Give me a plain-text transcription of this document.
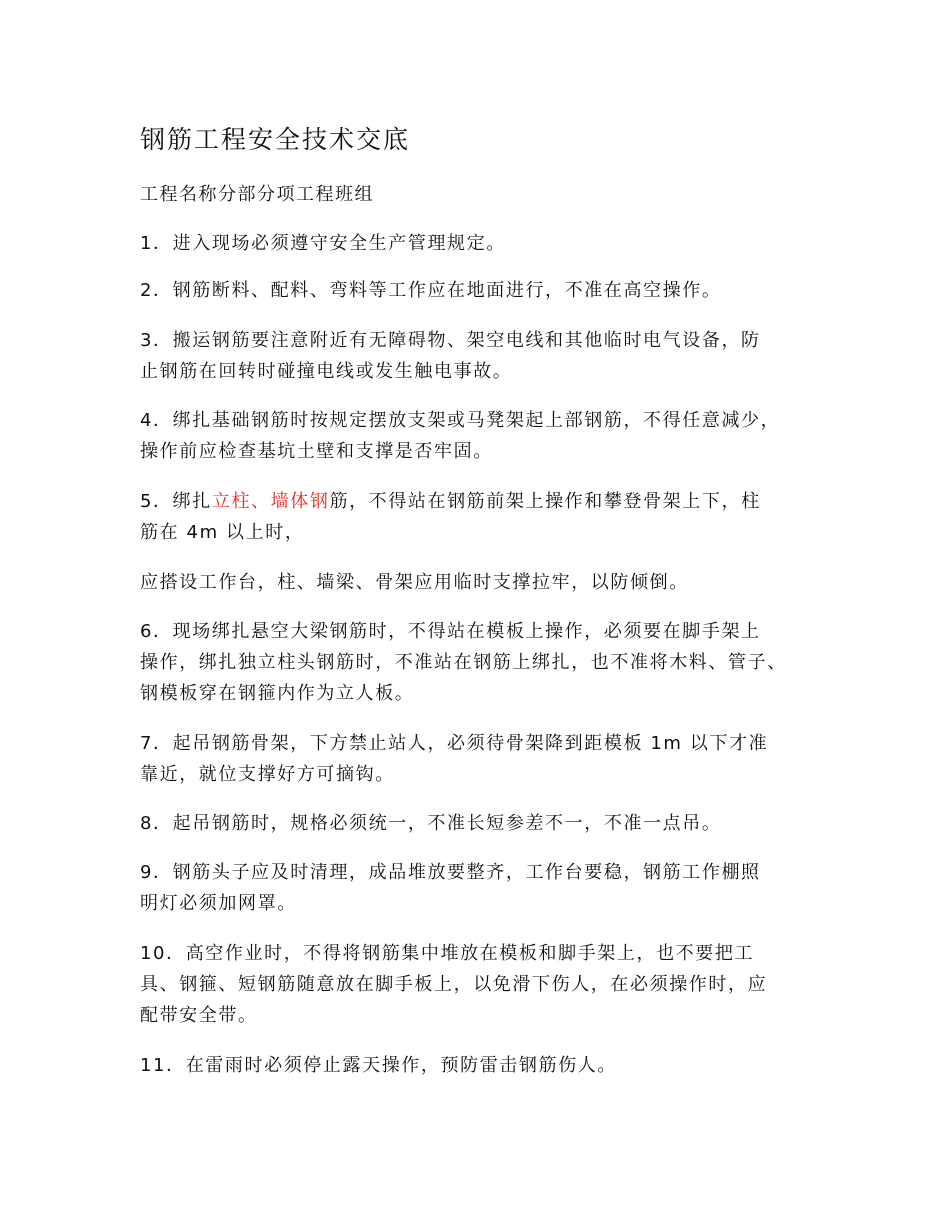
钢筋工程安全技术交底

工程名称分部分项工程班组

1．进入现场必须遵守安全生产管理规定。

2．钢筋断料、配料、弯料等工作应在地面进行，不准在高空操作。

3．搬运钢筋要注意附近有无障碍物、架空电线和其他临时电气设备，防
止钢筋在回转时碰撞电线或发生触电事故。

4．绑扎基础钢筋时按规定摆放支架或马凳架起上部钢筋，不得任意减少，
操作前应检查基坑土壁和支撑是否牢固。

5．绑扎立柱、墙体钢筋，不得站在钢筋前架上操作和攀登骨架上下，柱
筋在 4m 以上时，

应搭设工作台，柱、墙梁、骨架应用临时支撑拉牢，以防倾倒。

6．现场绑扎悬空大梁钢筋时，不得站在模板上操作，必须要在脚手架上
操作，绑扎独立柱头钢筋时，不准站在钢筋上绑扎，也不准将木料、管子、
钢模板穿在钢箍内作为立人板。

7．起吊钢筋骨架，下方禁止站人，必须待骨架降到距模板 1m 以下才准
靠近，就位支撑好方可摘钩。

8．起吊钢筋时，规格必须统一，不准长短参差不一，不准一点吊。

9．钢筋头子应及时清理，成品堆放要整齐，工作台要稳，钢筋工作棚照
明灯必须加网罩。

10．高空作业时，不得将钢筋集中堆放在模板和脚手架上，也不要把工
具、钢箍、短钢筋随意放在脚手板上，以免滑下伤人，在必须操作时，应
配带安全带。

11．在雷雨时必须停止露天操作，预防雷击钢筋伤人。
